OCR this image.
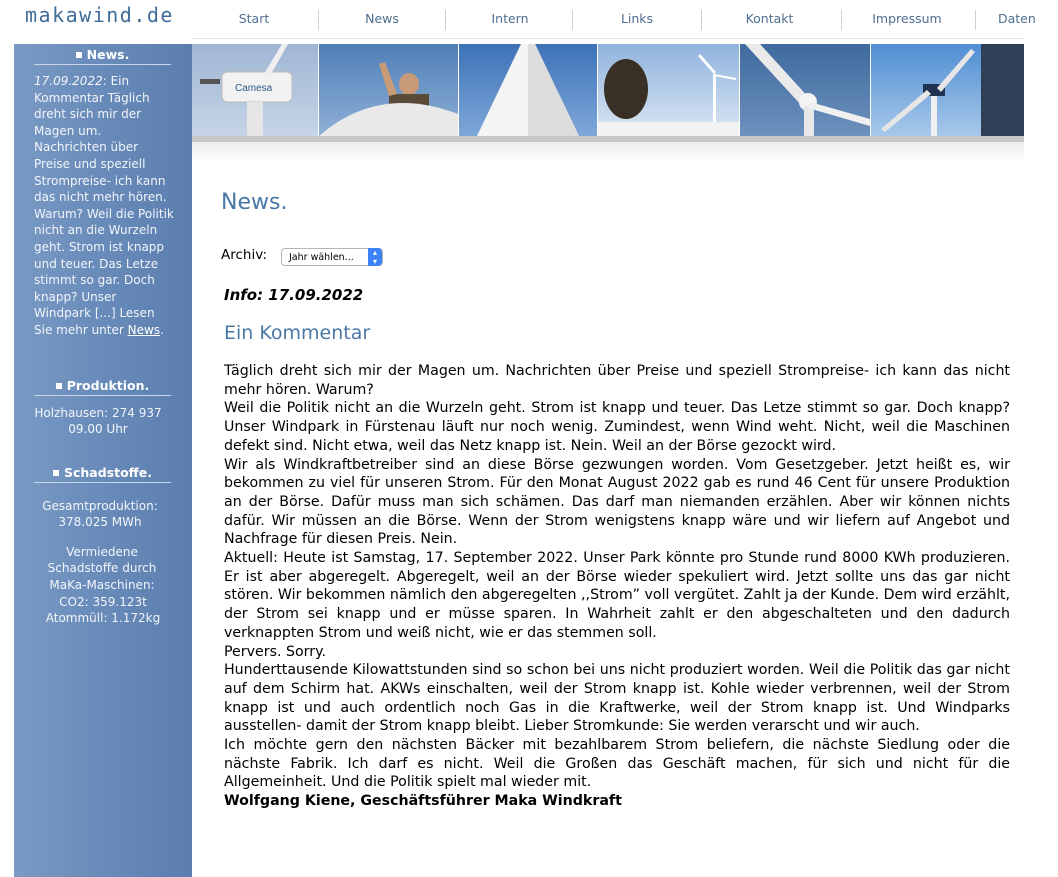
makawind.de	Start	News	Intern	Links	Kontakt	Impressum	Daten
News.
17.09.2022: Ein Kommentar Täglich dreht sich mir der Magen um. Nachrichten über Preise und speziell Strompreise- ich kann das nicht mehr hören. Warum? Weil die Politik nicht an die Wurzeln geht. Strom ist knapp und teuer. Das Letze stimmt so gar. Doch knapp? Unser Windpark [...] Lesen Sie mehr unter News.
Produktion.
Holzhausen: 274 937 09.00 Uhr
Schadstoffe.
Gesamtproduktion: 378.025 MWh
Vermiedene Schadstoffe durch MaKa-Maschinen:
CO2: 359.123t
Atommüll: 1.172kg
Camesa
News.
Archiv:	Jahr wählen...	▴
▾
Info: 17.09.2022
Ein Kommentar

Täglich dreht sich mir der Magen um. Nachrichten über Preise und speziell Strompreise- ich kann das nicht mehr hören. Warum?

Weil die Politik nicht an die Wurzeln geht. Strom ist knapp und teuer. Das Letze stimmt so gar. Doch knapp? Unser Windpark in Fürstenau läuft nur noch wenig. Zumindest, wenn Wind weht. Nicht, weil die Maschinen defekt sind. Nicht etwa, weil das Netz knapp ist. Nein. Weil an der Börse gezockt wird.

Wir als Windkraftbetreiber sind an diese Börse gezwungen worden. Vom Gesetzgeber. Jetzt heißt es, wir bekommen zu viel für unseren Strom. Für den Monat August 2022 gab es rund 46 Cent für unsere Produktion an der Börse. Dafür muss man sich schämen. Das darf man niemanden erzählen. Aber wir können nichts dafür. Wir müssen an die Börse. Wenn der Strom wenigstens knapp wäre und wir liefern auf Angebot und Nachfrage für diesen Preis. Nein.

Aktuell: Heute ist Samstag, 17. September 2022. Unser Park könnte pro Stunde rund 8000 KWh produzieren. Er ist aber abgeregelt. Abgeregelt, weil an der Börse wieder spekuliert wird. Jetzt sollte uns das gar nicht stören. Wir bekommen nämlich den abgeregelten ,,Strom” voll vergütet. Zahlt ja der Kunde. Dem wird erzählt, der Strom sei knapp und er müsse sparen. In Wahrheit zahlt er den abgeschalteten und den dadurch verknappten Strom und weiß nicht, wie er das stemmen soll.

Pervers. Sorry.

Hunderttausende Kilowattstunden sind so schon bei uns nicht produziert worden. Weil die Politik das gar nicht auf dem Schirm hat. AKWs einschalten, weil der Strom knapp ist. Kohle wieder verbrennen, weil der Strom knapp ist und auch ordentlich noch Gas in die Kraftwerke, weil der Strom knapp ist. Und Windparks ausstellen- damit der Strom knapp bleibt. Lieber Stromkunde: Sie werden verarscht und wir auch.

Ich möchte gern den nächsten Bäcker mit bezahlbarem Strom beliefern, die nächste Siedlung oder die nächste Fabrik. Ich darf es nicht. Weil die Großen das Geschäft machen, für sich und nicht für die Allgemeinheit. Und die Politik spielt mal wieder mit.

Wolfgang Kiene, Geschäftsführer Maka Windkraft
